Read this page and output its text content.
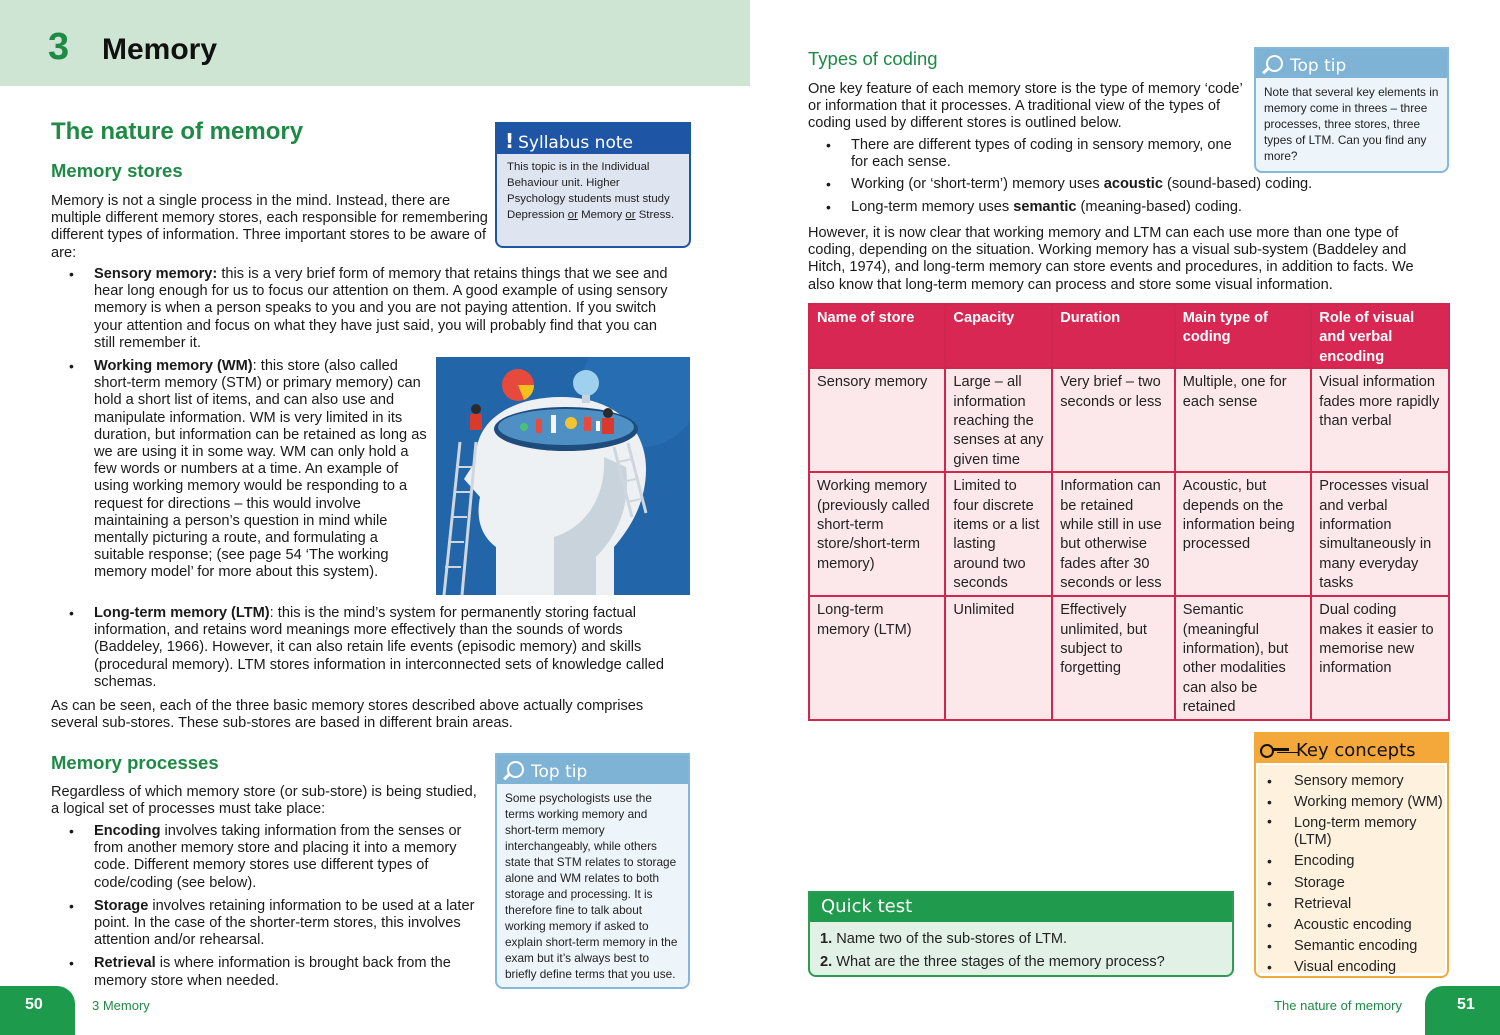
3 Memory
The nature of memory
Memory stores

Memory is not a single process in the mind. Instead, there are multiple different memory stores, each responsible for remembering different types of information. Three important stores to be aware of are:

• Sensory memory: this is a very brief form of memory that retains things that we see and hear long enough for us to focus our attention on them. A good example of using sensory memory is when a person speaks to you and you are not paying attention. If you switch your attention and focus on what they have just said, you will probably find that you can still remember it.
• Working memory (WM): this store (also called short-term memory (STM) or primary memory) can hold a short list of items, and can also use and manipulate information. WM is very limited in its duration, but information can be retained as long as we are using it in some way. WM can only hold a few words or numbers at a time. An example of using working memory would be responding to a request for directions – this would involve maintaining a person’s question in mind while mentally picturing a route, and formulating a suitable response; (see page 54 ‘The working memory model’ for more about this system).
• Long-term memory (LTM): this is the mind’s system for permanently storing factual information, and retains word meanings more effectively than the sounds of words (Baddeley, 1966). However, it can also retain life events (episodic memory) and skills (procedural memory). LTM stores information in interconnected sets of knowledge called schemas.

As can be seen, each of the three basic memory stores described above actually comprises several sub-stores. These sub-stores are based in different brain areas.

Memory processes

Regardless of which memory store (or sub-store) is being studied, a logical set of processes must take place:

• Encoding involves taking information from the senses or from another memory store and placing it into a memory code. Different memory stores use different types of code/coding (see below).
• Storage involves retaining information to be used at a later point. In the case of the shorter-term stores, this involves attention and/or rehearsal.
• Retrieval is where information is brought back from the memory store when needed.
! Syllabus note
This topic is in the Individual Behaviour unit. Higher Psychology students must study Depression or Memory or Stress.
Top tip
Some psychologists use the terms working memory and short-term memory interchangeably, while others state that STM relates to storage alone and WM relates to both storage and processing. It is therefore fine to talk about working memory if asked to explain short-term memory in the exam but it’s always best to briefly define terms that you use.
Types of coding

One key feature of each memory store is the type of memory ‘code’ or information that it processes. A traditional view of the types of coding used by different stores is outlined below.

• There are different types of coding in sensory memory, one for each sense.
• Working (or ‘short-term’) memory uses acoustic (sound-based) coding.
• Long-term memory uses semantic (meaning-based) coding.

However, it is now clear that working memory and LTM can each use more than one type of coding, depending on the situation. Working memory has a visual sub-system (Baddeley and Hitch, 1974), and long-term memory can store events and procedures, in addition to facts. We also know that long-term memory can process and store some visual information.

Top tip
Note that several key elements in memory come in threes – three processes, three stores, three types of LTM. Can you find any more?
Name of store	Capacity	Duration	Main type of coding	Role of visual and verbal encoding
Sensory memory	Large – all information reaching the senses at any given time	Very brief – two seconds or less	Multiple, one for each sense	Visual information fades more rapidly than verbal
Working memory (previously called short-term store/short-term memory)	Limited to four discrete items or a list lasting around two seconds	Information can be retained while still in use but otherwise fades after 30 seconds or less	Acoustic, but depends on the information being processed	Processes visual and verbal information simultaneously in many everyday tasks
Long-term memory (LTM)	Unlimited	Effectively unlimited, but subject to forgetting	Semantic (meaningful information), but other modalities can also be retained	Dual coding makes it easier to memorise new information
Key concepts
• Sensory memory
• Working memory (WM)
• Long-term memory (LTM)
• Encoding
• Storage
• Retrieval
• Acoustic encoding
• Semantic encoding
• Visual encoding
Quick test
1. Name two of the sub-stores of LTM.
2. What are the three stages of the memory process?
50	3 Memory	The nature of memory	51
